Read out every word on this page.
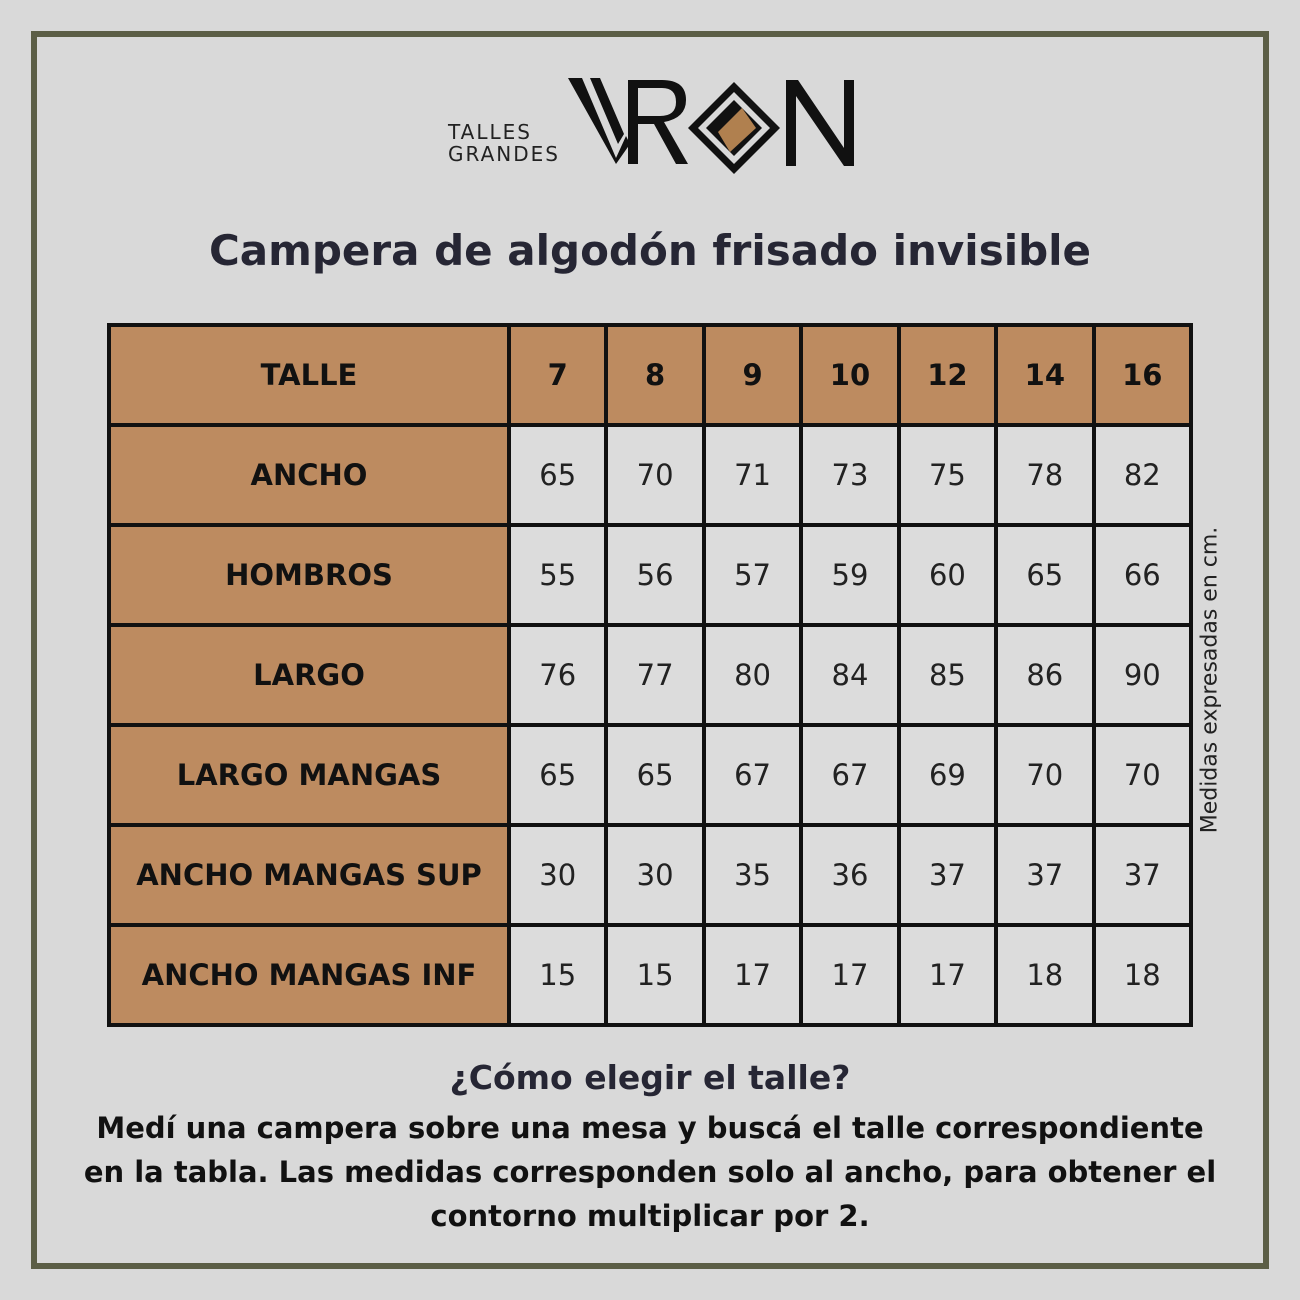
TALLES
GRANDES
Campera de algodón frisado invisible
TALLE	7	8	9	10	12	14	16
ANCHO	65	70	71	73	75	78	82
HOMBROS	55	56	57	59	60	65	66
LARGO	76	77	80	84	85	86	90
LARGO MANGAS	65	65	67	67	69	70	70
ANCHO MANGAS SUP	30	30	35	36	37	37	37
ANCHO MANGAS INF	15	15	17	17	17	18	18
Medidas expresadas en cm.
¿Cómo elegir el talle?
Medí una campera sobre una mesa y buscá el talle correspondiente en la tabla. Las medidas corresponden solo al ancho, para obtener el contorno multiplicar por 2.
